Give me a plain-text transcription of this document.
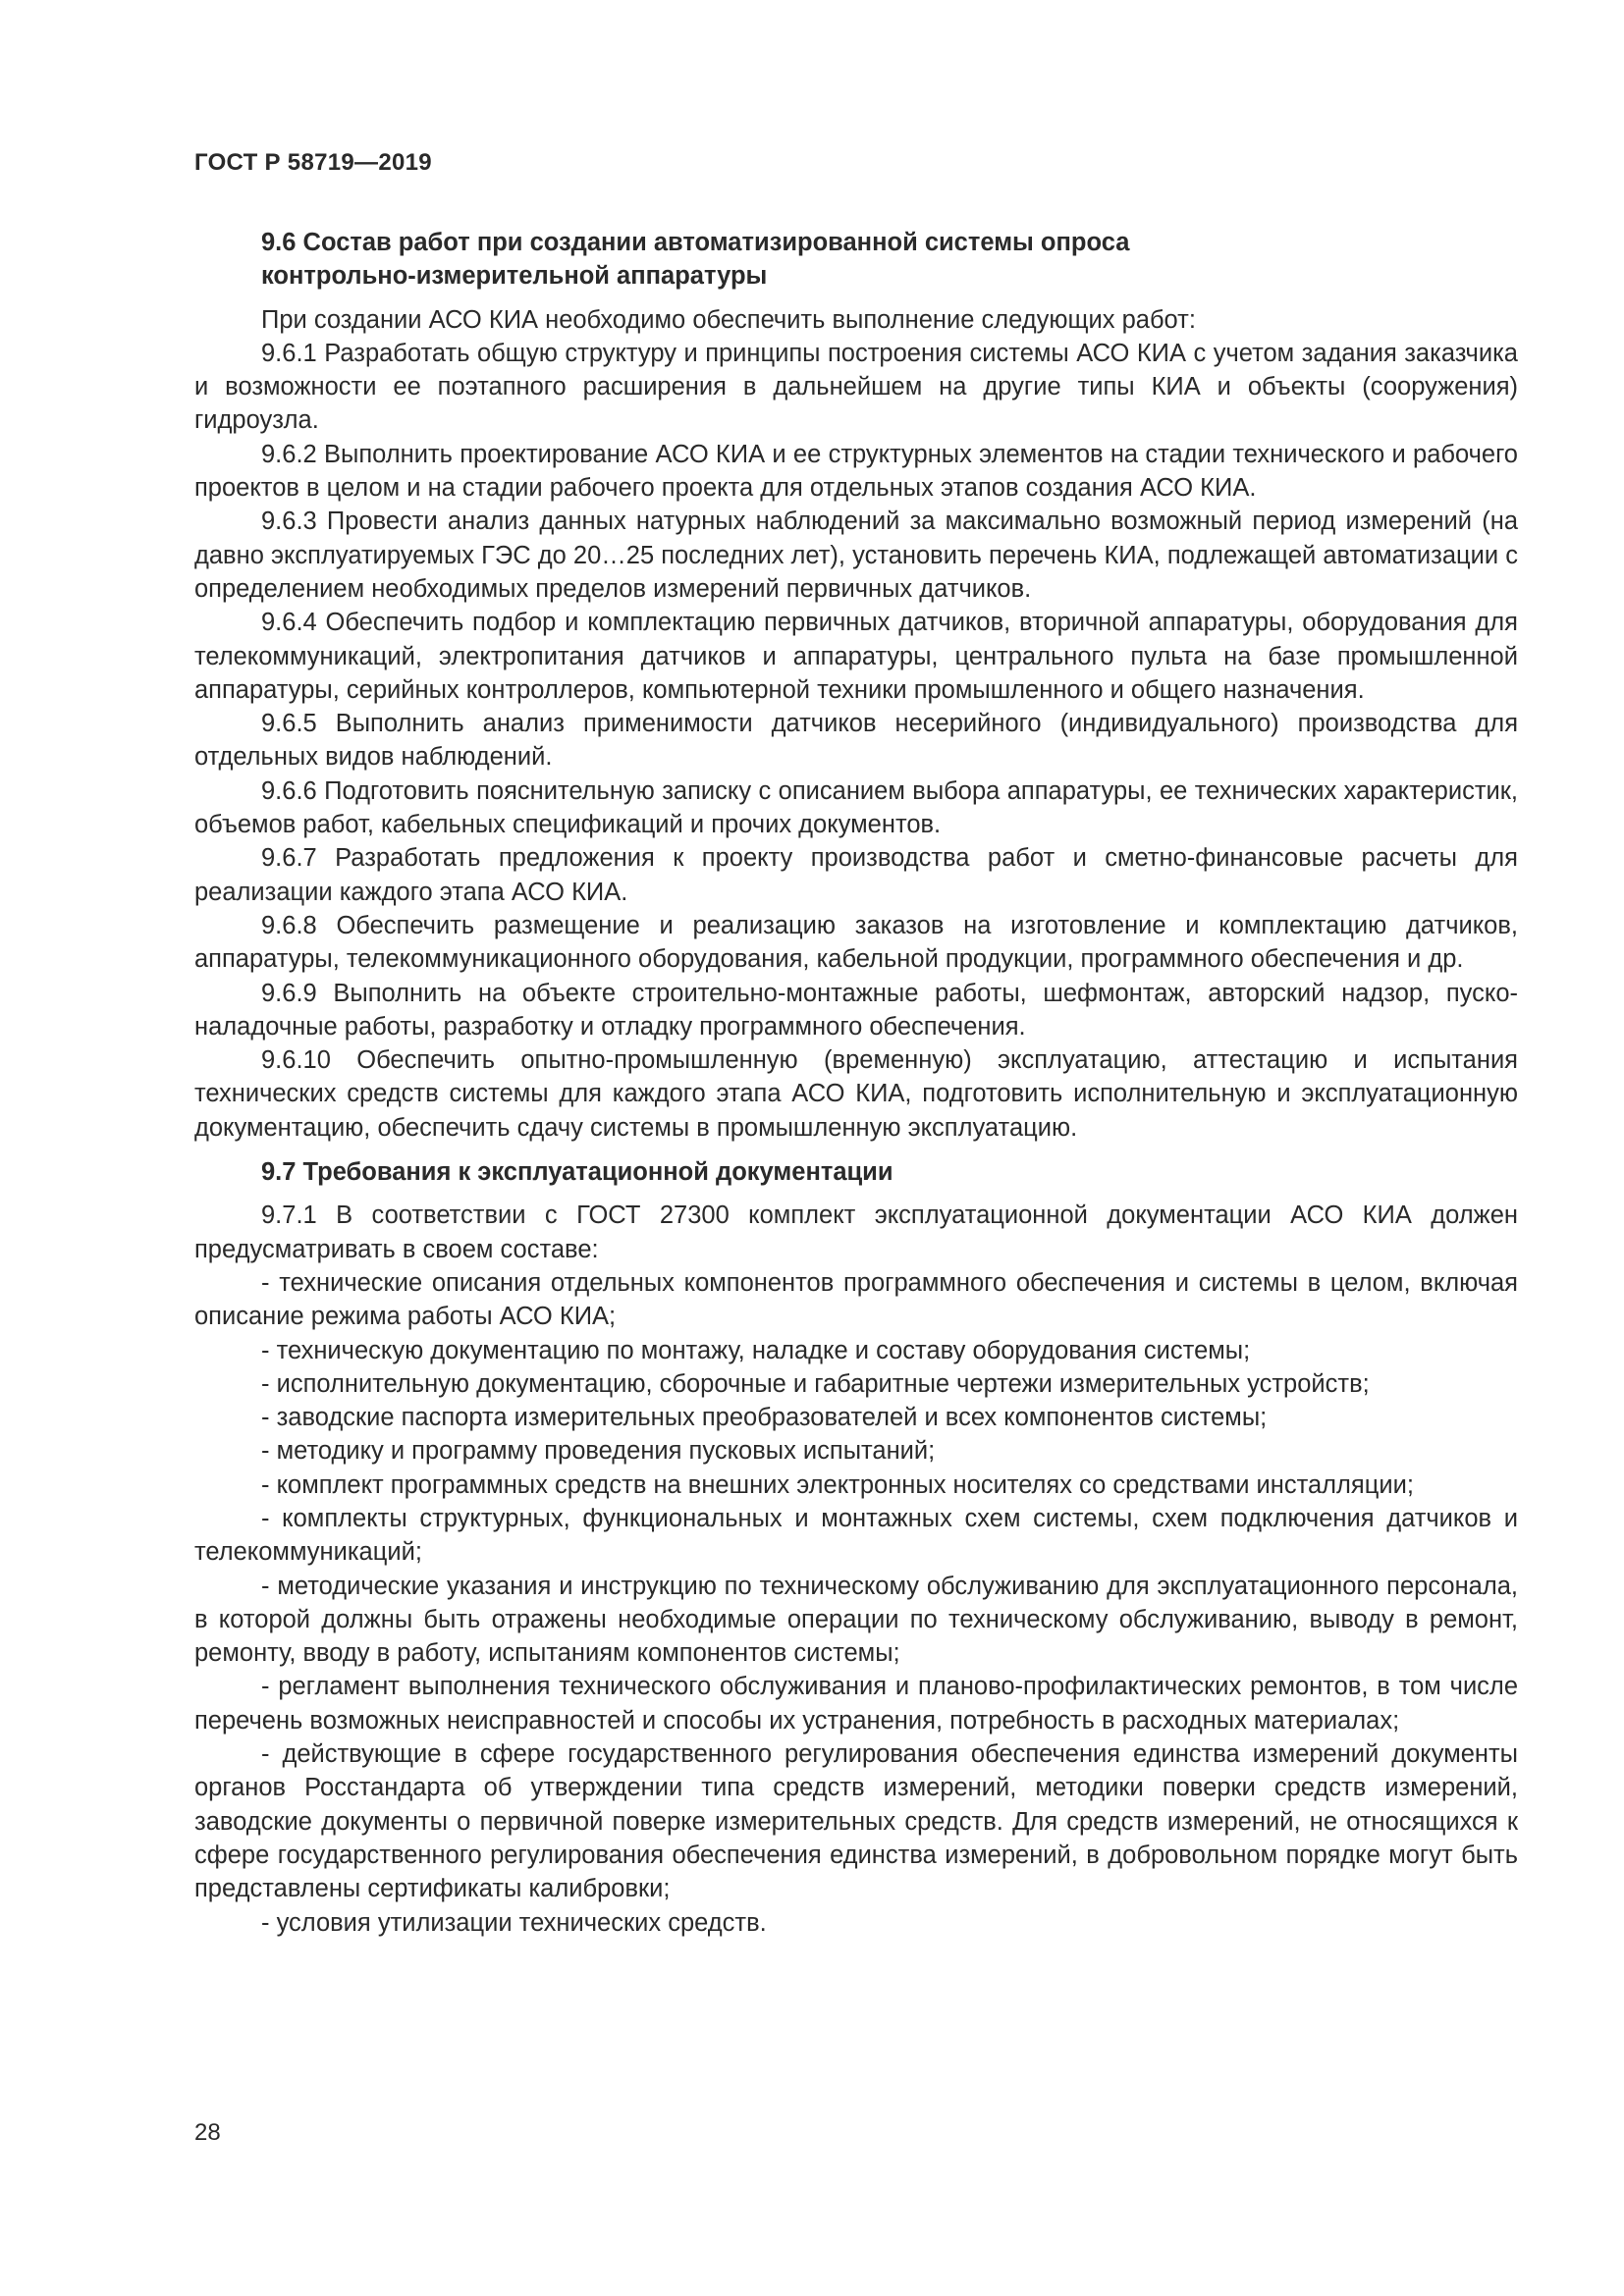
ГОСТ Р 58719—2019

9.6 Состав работ при создании автоматизированной системы опроса

контрольно-измерительной аппаратуры

При создании АСО КИА необходимо обеспечить выполнение следующих работ:

9.6.1 Разработать общую структуру и принципы построения системы АСО КИА с учетом задания заказчика и возможности ее поэтапного расширения в дальнейшем на другие типы КИА и объекты (сооружения) гидроузла.

9.6.2 Выполнить проектирование АСО КИА и ее структурных элементов на стадии технического и рабочего проектов в целом и на стадии рабочего проекта для отдельных этапов создания АСО КИА.

9.6.3 Провести анализ данных натурных наблюдений за максимально возможный период измерений (на давно эксплуатируемых ГЭС до 20…25 последних лет), установить перечень КИА, подлежащей автоматизации с определением необходимых пределов измерений первичных датчиков.

9.6.4 Обеспечить подбор и комплектацию первичных датчиков, вторичной аппаратуры, оборудования для телекоммуникаций, электропитания датчиков и аппаратуры, центрального пульта на базе промышленной аппаратуры, серийных контроллеров, компьютерной техники промышленного и общего назначения.

9.6.5 Выполнить анализ применимости датчиков несерийного (индивидуального) производства для отдельных видов наблюдений.

9.6.6 Подготовить пояснительную записку с описанием выбора аппаратуры, ее технических характеристик, объемов работ, кабельных спецификаций и прочих документов.

9.6.7 Разработать предложения к проекту производства работ и сметно-финансовые расчеты для реализации каждого этапа АСО КИА.

9.6.8 Обеспечить размещение и реализацию заказов на изготовление и комплектацию датчиков, аппаратуры, телекоммуникационного оборудования, кабельной продукции, программного обеспечения и др.

9.6.9 Выполнить на объекте строительно-монтажные работы, шефмонтаж, авторский надзор, пуско-наладочные работы, разработку и отладку программного обеспечения.

9.6.10 Обеспечить опытно-промышленную (временную) эксплуатацию, аттестацию и испытания технических средств системы для каждого этапа АСО КИА, подготовить исполнительную и эксплуатационную документацию, обеспечить сдачу системы в промышленную эксплуатацию.

9.7 Требования к эксплуатационной документации

9.7.1 В соответствии с ГОСТ 27300 комплект эксплуатационной документации АСО КИА должен предусматривать в своем составе:

- технические описания отдельных компонентов программного обеспечения и системы в целом, включая описание режима работы АСО КИА;

- техническую документацию по монтажу, наладке и составу оборудования системы;

- исполнительную документацию, сборочные и габаритные чертежи измерительных устройств;

- заводские паспорта измерительных преобразователей и всех компонентов системы;

- методику и программу проведения пусковых испытаний;

- комплект программных средств на внешних электронных носителях со средствами инсталляции;

- комплекты структурных, функциональных и монтажных схем системы, схем подключения датчиков и телекоммуникаций;

- методические указания и инструкцию по техническому обслуживанию для эксплуатационного персонала, в которой должны быть отражены необходимые операции по техническому обслуживанию, выводу в ремонт, ремонту, вводу в работу, испытаниям компонентов системы;

- регламент выполнения технического обслуживания и планово-профилактических ремонтов, в том числе перечень возможных неисправностей и способы их устранения, потребность в расходных материалах;

- действующие в сфере государственного регулирования обеспечения единства измерений документы органов Росстандарта об утверждении типа средств измерений, методики поверки средств измерений, заводские документы о первичной поверке измерительных средств. Для средств измерений, не относящихся к сфере государственного регулирования обеспечения единства измерений, в добровольном порядке могут быть представлены сертификаты калибровки;

- условия утилизации технических средств.

28
